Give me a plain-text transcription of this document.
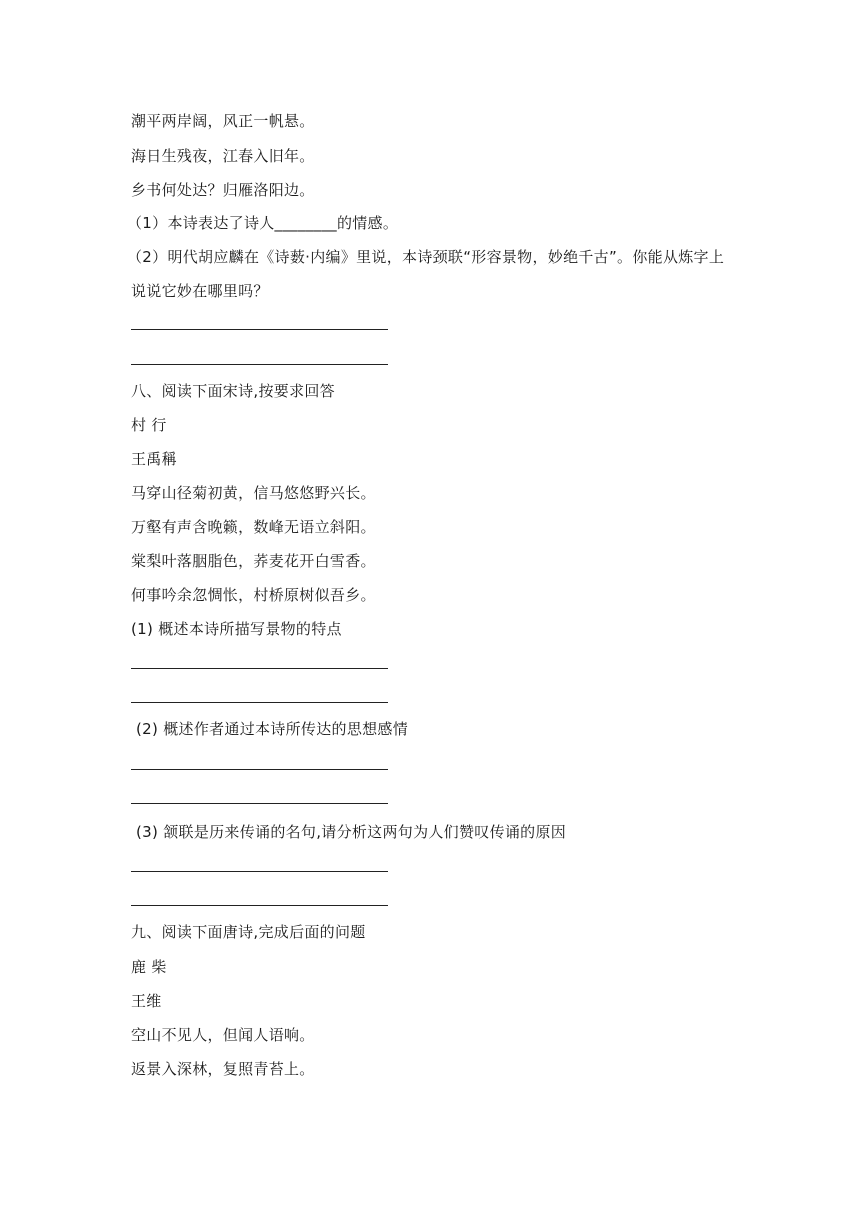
潮平两岸阔，风正一帆悬。
海日生残夜，江春入旧年。
乡书何处达？归雁洛阳边。
（1）本诗表达了诗人________的情感。
（2）明代胡应麟在《诗薮·内编》里说，本诗颈联“形容景物，妙绝千古”。你能从炼字上
说说它妙在哪里吗？
八、阅读下面宋诗,按要求回答
村 行
王禹稱
马穿山径菊初黄，信马悠悠野兴长。
万壑有声含晚籁，数峰无语立斜阳。
棠梨叶落胭脂色，荞麦花开白雪香。
何事吟余忽惆怅，村桥原树似吾乡。
(1) 概述本诗所描写景物的特点
(2) 概述作者通过本诗所传达的思想感情
(3) 颔联是历来传诵的名句,请分析这两句为人们赞叹传诵的原因
九、阅读下面唐诗,完成后面的问题
鹿 柴
王维
空山不见人，但闻人语响。
返景入深林，复照青苔上。
